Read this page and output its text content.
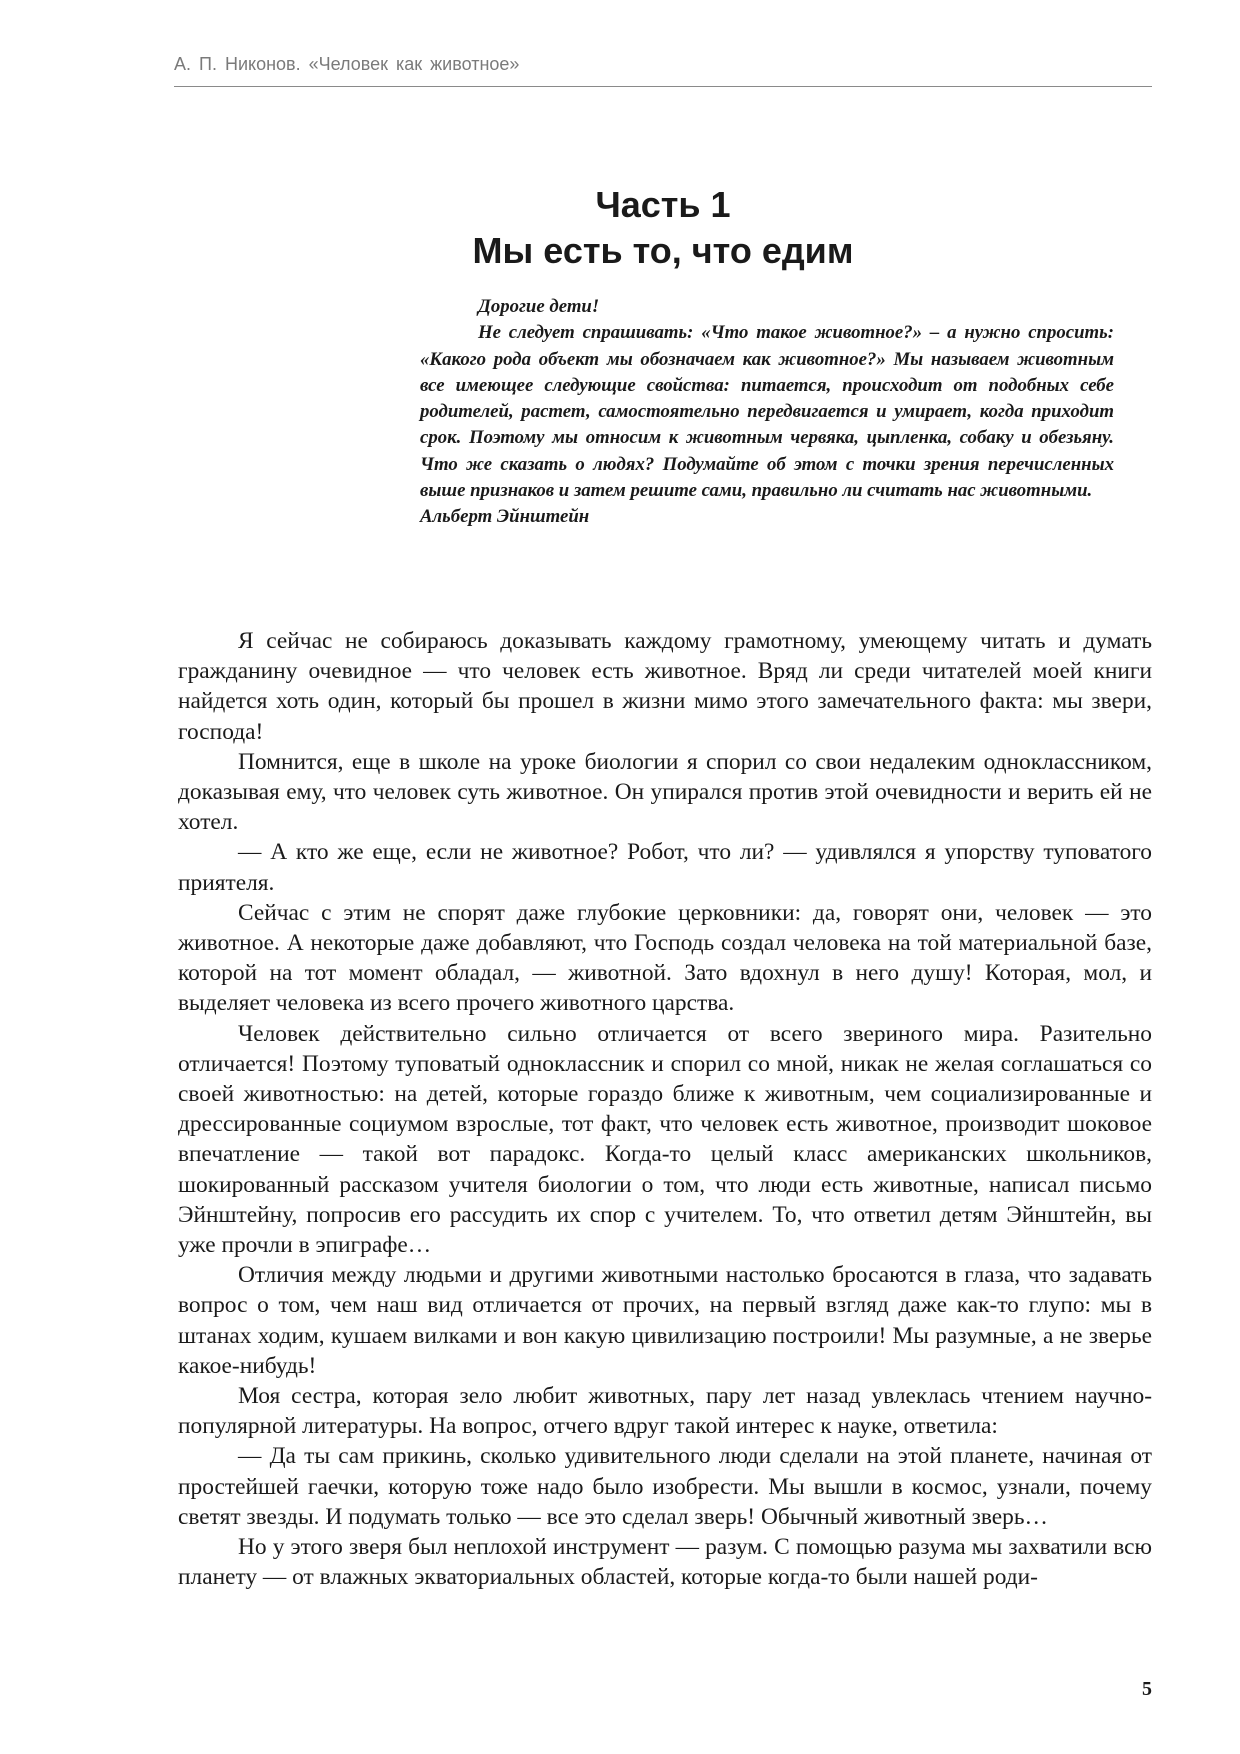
А. П. Никонов. «Человек как животное»
Часть 1
Мы есть то, что едим

Дорогие дети!

Не следует спрашивать: «Что такое животное?» – а нужно спросить: «Какого рода объект мы обозначаем как животное?» Мы называем животным все имеющее следующие свойства: питается, происходит от подобных себе родителей, растет, самостоятельно передвигается и умирает, когда приходит срок. Поэтому мы относим к животным червяка, цыпленка, собаку и обезьяну. Что же сказать о людях? Подумайте об этом с точки зрения перечисленных выше признаков и затем решите сами, правильно ли считать нас животными.

Альберт Эйнштейн

Я сейчас не собираюсь доказывать каждому грамотному, умеющему читать и думать гражданину очевидное — что человек есть животное. Вряд ли среди читателей моей книги найдется хоть один, который бы прошел в жизни мимо этого замечательного факта: мы звери, господа!

Помнится, еще в школе на уроке биологии я спорил со свои недалеким одноклассником, доказывая ему, что человек суть животное. Он упирался против этой очевидности и верить ей не хотел.

— А кто же еще, если не животное? Робот, что ли? — удивлялся я упорству туповатого приятеля.

Сейчас с этим не спорят даже глубокие церковники: да, говорят они, человек — это животное. А некоторые даже добавляют, что Господь создал человека на той материальной базе, которой на тот момент обладал, — животной. Зато вдохнул в него душу! Которая, мол, и выделяет человека из всего прочего животного царства.

Человек действительно сильно отличается от всего звериного мира. Разительно отличается! Поэтому туповатый одноклассник и спорил со мной, никак не желая соглашаться со своей животностью: на детей, которые гораздо ближе к животным, чем социализированные и дрессированные социумом взрослые, тот факт, что человек есть животное, производит шоковое впечатление — такой вот парадокс. Когда-то целый класс американских школьников, шокированный рассказом учителя биологии о том, что люди есть животные, написал письмо Эйнштейну, попросив его рассудить их спор с учителем. То, что ответил детям Эйнштейн, вы уже прочли в эпиграфе…

Отличия между людьми и другими животными настолько бросаются в глаза, что задавать вопрос о том, чем наш вид отличается от прочих, на первый взгляд даже как-то глупо: мы в штанах ходим, кушаем вилками и вон какую цивилизацию построили! Мы разумные, а не зверье какое-нибудь!

Моя сестра, которая зело любит животных, пару лет назад увлеклась чтением научно-популярной литературы. На вопрос, отчего вдруг такой интерес к науке, ответила:

— Да ты сам прикинь, сколько удивительного люди сделали на этой планете, начиная от простейшей гаечки, которую тоже надо было изобрести. Мы вышли в космос, узнали, почему светят звезды. И подумать только — все это сделал зверь! Обычный животный зверь…

Но у этого зверя был неплохой инструмент — разум. С помощью разума мы захватили всю планету — от влажных экваториальных областей, которые когда-то были нашей роди-

5
